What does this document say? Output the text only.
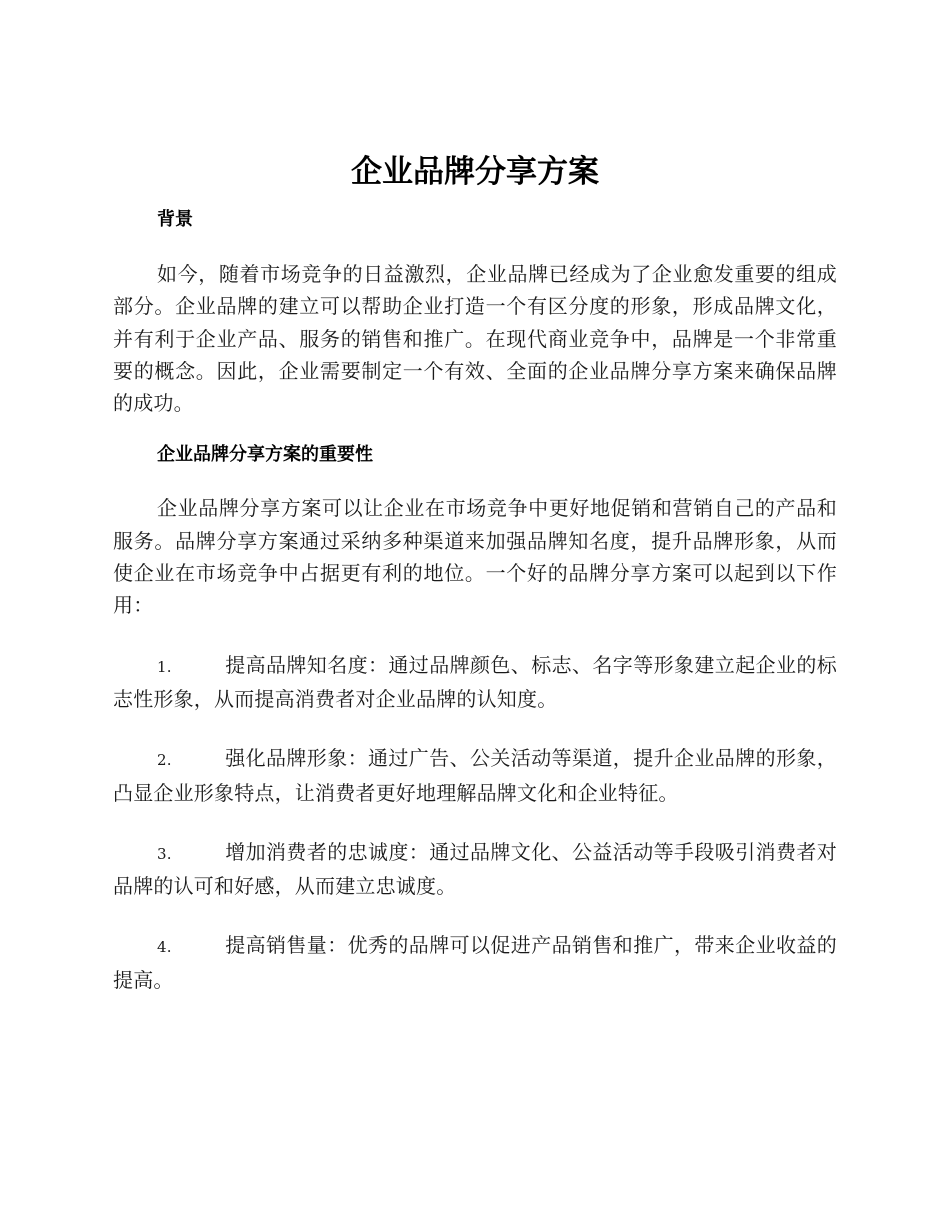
企业品牌分享方案
背景

如今，随着市场竞争的日益激烈，企业品牌已经成为了企业愈发重要的组成部分。企业品牌的建立可以帮助企业打造一个有区分度的形象，形成品牌文化，并有利于企业产品、服务的销售和推广。在现代商业竞争中，品牌是一个非常重要的概念。因此，企业需要制定一个有效、全面的企业品牌分享方案来确保品牌的成功。

企业品牌分享方案的重要性

企业品牌分享方案可以让企业在市场竞争中更好地促销和营销自己的产品和服务。品牌分享方案通过采纳多种渠道来加强品牌知名度，提升品牌形象，从而使企业在市场竞争中占据更有利的地位。一个好的品牌分享方案可以起到以下作用：

1.	提高品牌知名度：通过品牌颜色、标志、名字等形象建立起企业的标志性形象，从而提高消费者对企业品牌的认知度。

2.	强化品牌形象：通过广告、公关活动等渠道，提升企业品牌的形象，凸显企业形象特点，让消费者更好地理解品牌文化和企业特征。

3.	增加消费者的忠诚度：通过品牌文化、公益活动等手段吸引消费者对品牌的认可和好感，从而建立忠诚度。

4.	提高销售量：优秀的品牌可以促进产品销售和推广，带来企业收益的提高。
